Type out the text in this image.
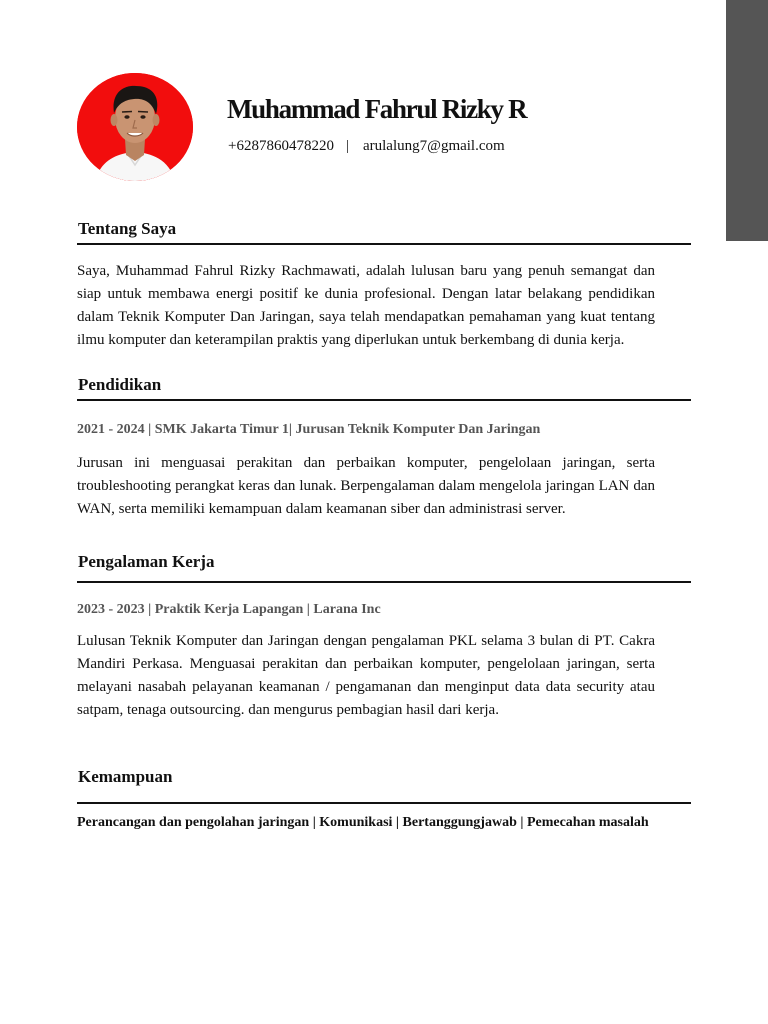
Muhammad Fahrul Rizky R
+6287860478220 | arulalung7@gmail.com
Tentang Saya
Saya, Muhammad Fahrul Rizky Rachmawati, adalah lulusan baru yang penuh semangat dan siap untuk membawa energi positif ke dunia profesional. Dengan latar belakang pendidikan dalam Teknik Komputer Dan Jaringan, saya telah mendapatkan pemahaman yang kuat tentang ilmu komputer dan keterampilan praktis yang diperlukan untuk berkembang di dunia kerja.
Pendidikan
2021 - 2024 | SMK Jakarta Timur 1| Jurusan Teknik Komputer Dan Jaringan
Jurusan ini menguasai perakitan dan perbaikan komputer, pengelolaan jaringan, serta troubleshooting perangkat keras dan lunak. Berpengalaman dalam mengelola jaringan LAN dan WAN, serta memiliki kemampuan dalam keamanan siber dan administrasi server.
Pengalaman Kerja
2023 - 2023 | Praktik Kerja Lapangan | Larana Inc
Lulusan Teknik Komputer dan Jaringan dengan pengalaman PKL selama 3 bulan di PT. Cakra Mandiri Perkasa. Menguasai perakitan dan perbaikan komputer, pengelolaan jaringan, serta melayani nasabah pelayanan keamanan / pengamanan dan menginput data data security atau satpam, tenaga outsourcing. dan mengurus pembagian hasil dari kerja.
Kemampuan
Perancangan dan pengolahan jaringan | Komunikasi | Bertanggungjawab | Pemecahan masalah
